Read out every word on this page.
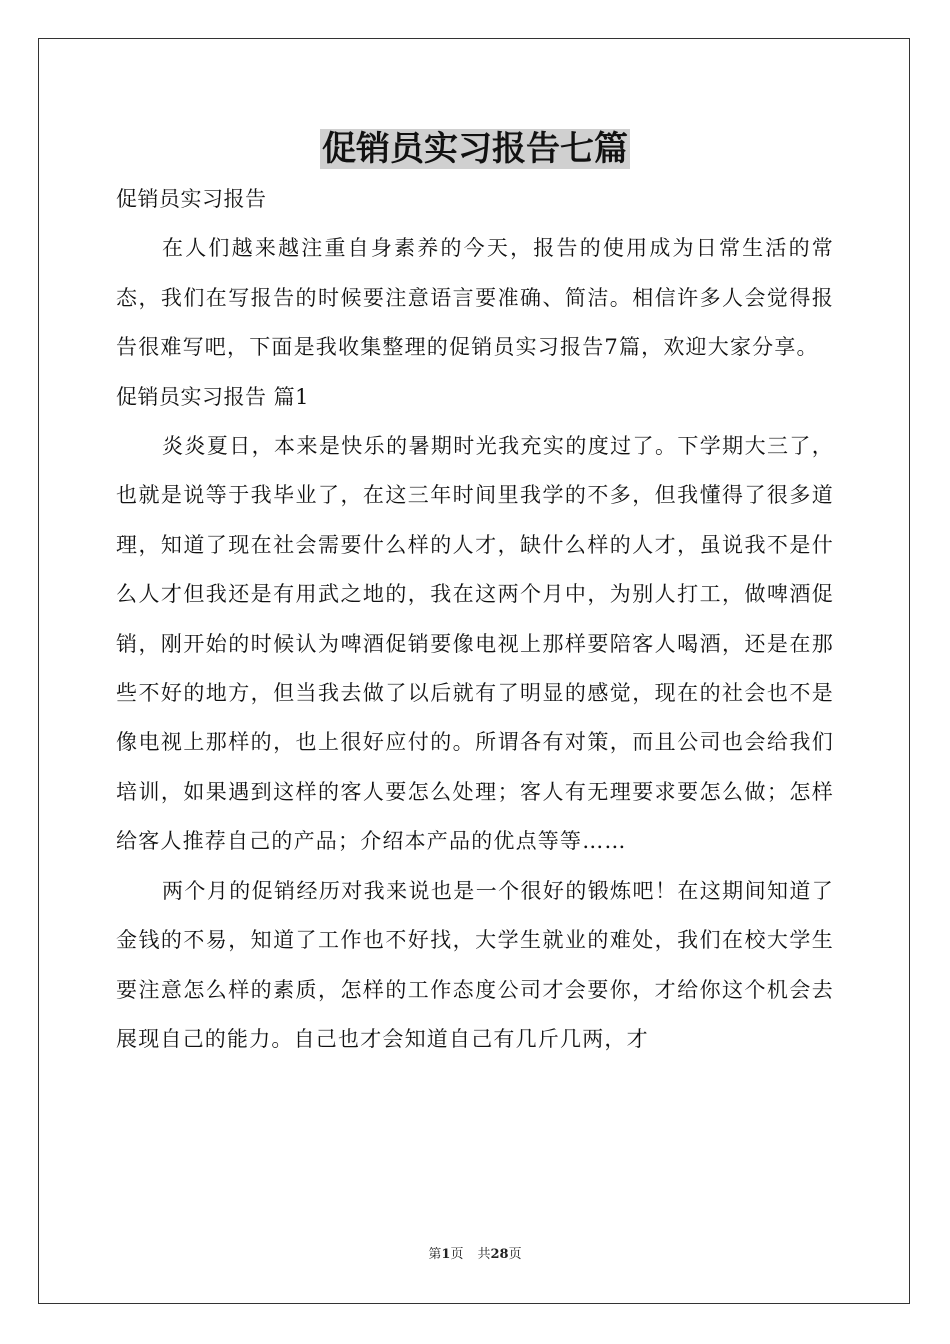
促销员实习报告七篇

促销员实习报告

在人们越来越注重自身素养的今天，报告的使用成为日常生活的常态，我们在写报告的时候要注意语言要准确、简洁。相信许多人会觉得报告很难写吧，下面是我收集整理的促销员实习报告7篇，欢迎大家分享。

促销员实习报告 篇1

炎炎夏日，本来是快乐的暑期时光我充实的度过了。下学期大三了，也就是说等于我毕业了，在这三年时间里我学的不多，但我懂得了很多道理，知道了现在社会需要什么样的人才，缺什么样的人才，虽说我不是什么人才但我还是有用武之地的，我在这两个月中，为别人打工，做啤酒促销，刚开始的时候认为啤酒促销要像电视上那样要陪客人喝酒，还是在那些不好的地方，但当我去做了以后就有了明显的感觉，现在的社会也不是像电视上那样的，也上很好应付的。所谓各有对策，而且公司也会给我们培训，如果遇到这样的客人要怎么处理；客人有无理要求要怎么做；怎样给客人推荐自己的产品；介绍本产品的优点等等……

两个月的促销经历对我来说也是一个很好的锻炼吧！在这期间知道了金钱的不易，知道了工作也不好找，大学生就业的难处，我们在校大学生要注意怎么样的素质，怎样的工作态度公司才会要你，才给你这个机会去展现自己的能力。自己也才会知道自己有几斤几两，才

第1页 共28页
